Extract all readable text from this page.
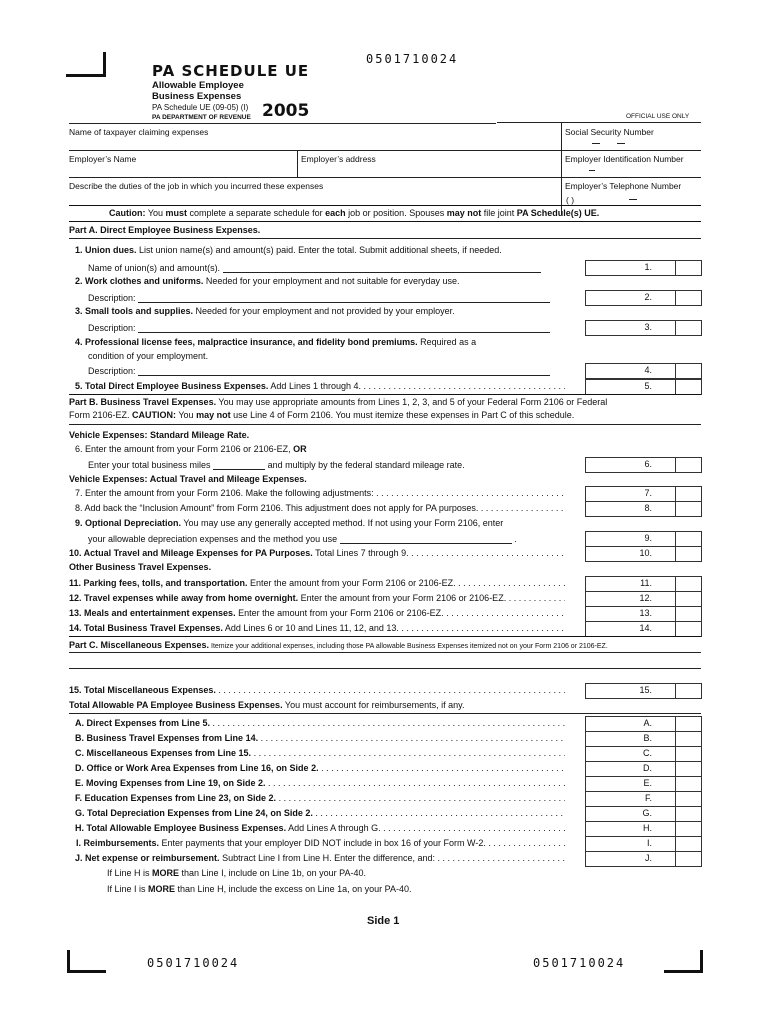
0501710024
0501710024	0501710024
PA SCHEDULE UE
Allowable Employee
Business Expenses
PA Schedule UE (09-05) (I)
PA DEPARTMENT OF REVENUE 2005	OFFICIAL USE ONLY
Name of taxpayer claiming expenses	Social Security Number
Employer’s Name	Employer’s address	Employer Identification Number
Describe the duties of the job in which you incurred these expenses	Employer’s Telephone Number
( )
Caution: You must complete a separate schedule for each job or position. Spouses may not file joint PA Schedule(s) UE.
Part A. Direct Employee Business Expenses.
1. Union dues. List union name(s) and amount(s) paid. Enter the total. Submit additional sheets, if needed.
Name of union(s) and amount(s).	1.
2. Work clothes and uniforms. Needed for your employment and not suitable for everyday use.
Description:	2.
3. Small tools and supplies. Needed for your employment and not provided by your employer.
Description:	3.
4. Professional license fees, malpractice insurance, and fidelity bond premiums. Required as a
condition of your employment.
Description:	4.
5. Total Direct Employee Business Expenses. Add Lines 1 through 4. . . .	5.
Part B. Business Travel Expenses. You may use appropriate amounts from Lines 1, 2, 3, and 5 of your Federal Form 2106 or Federal
Form 2106-EZ. CAUTION: You may not use Line 4 of Form 2106. You must itemize these expenses in Part C of this schedule.
Vehicle Expenses: Standard Mileage Rate.
6. Enter the amount from your Form 2106 or 2106-EZ, OR
Enter your total business miles	and multiply by the federal standard mileage rate.	6.
Vehicle Expenses: Actual Travel and Mileage Expenses.
7. Enter the amount from your Form 2106. Make the following adjustments: . . .	7.
8. Add back the “Inclusion Amount” from Form 2106. This adjustment does not apply for PA purposes. . . .	8.
9. Optional Depreciation. You may use any generally accepted method. If not using your Form 2106, enter
your allowable depreciation expenses and the method you use	.	9.
10. Actual Travel and Mileage Expenses for PA Purposes. Total Lines 7 through 9. . . .	10.
Other Business Travel Expenses.
11. Parking fees, tolls, and transportation. Enter the amount from your Form 2106 or 2106-EZ. . . .	11.
12. Travel expenses while away from home overnight. Enter the amount from your Form 2106 or 2106-EZ. . . .	12.
13. Meals and entertainment expenses. Enter the amount from your Form 2106 or 2106-EZ. . . .	13.
14. Total Business Travel Expenses. Add Lines 6 or 10 and Lines 11, 12, and 13. . . .	14.
Part C. Miscellaneous Expenses. Itemize your additional expenses, including those PA allowable Business Expenses itemized not on your Form 2106 or 2106-EZ.
15. Total Miscellaneous Expenses. . . .	15.
Total Allowable PA Employee Business Expenses. You must account for reimbursements, if any.
A. Direct Expenses from Line 5. . . .	A.
B. Business Travel Expenses from Line 14. . . .	B.
C. Miscellaneous Expenses from Line 15. . . .	C.
D. Office or Work Area Expenses from Line 16, on Side 2. . . .	D.
E. Moving Expenses from Line 19, on Side 2. . . .	E.
F. Education Expenses from Line 23, on Side 2. . . .	F.
G. Total Depreciation Expenses from Line 24, on Side 2. . . .	G.
H. Total Allowable Employee Business Expenses. Add Lines A through G. . . .	H.
I. Reimbursements. Enter payments that your employer DID NOT include in box 16 of your Form W-2. . . .	I.
J. Net expense or reimbursement. Subtract Line I from Line H. Enter the difference, and: . . .	J.
If Line H is MORE than Line I, include on Line 1b, on your PA-40.
If Line I is MORE than Line H, include the excess on Line 1a, on your PA-40.
Side 1
